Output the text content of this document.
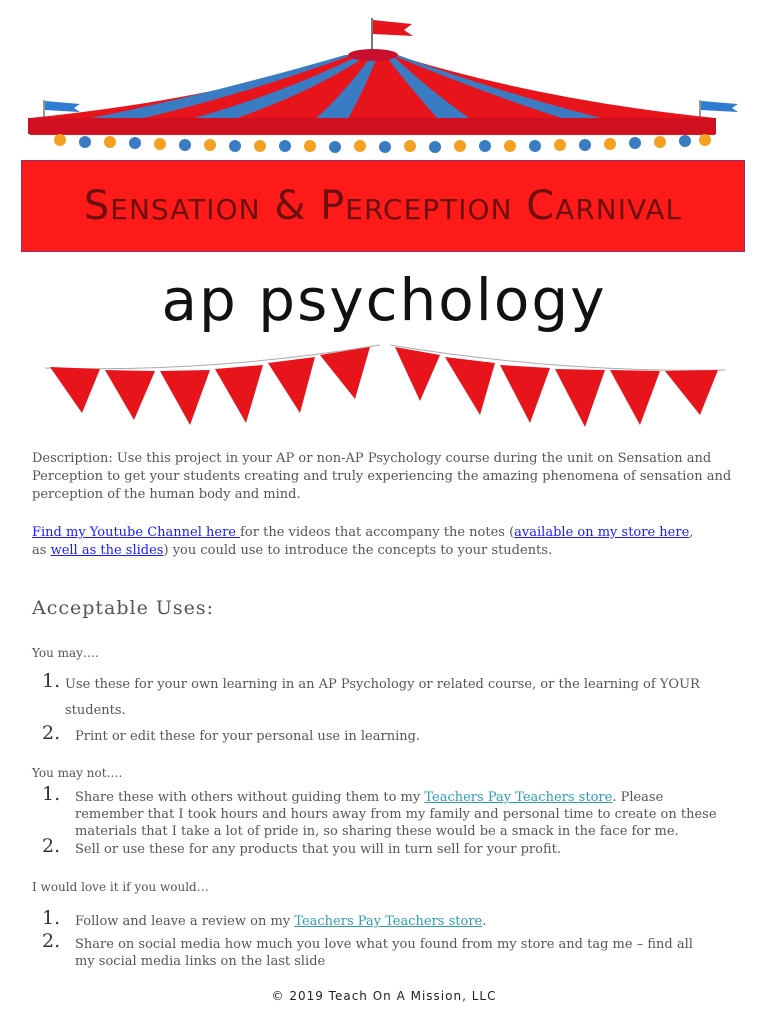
Sensation & Perception Carnival
ap psychology
Description: Use this project in your AP or non-AP Psychology course during the unit on Sensation and Perception to get your students creating and truly experiencing the amazing phenomena of sensation and perception of the human body and mind.
Find my Youtube Channel here for the videos that accompany the notes (available on my store here,
as well as the slides) you could use to introduce the concepts to your students.
Acceptable Uses:
You may….
1. Use these for your own learning in an AP Psychology or related course, or the learning of YOUR
students.
2. Print or edit these for your personal use in learning.
You may not….
1. Share these with others without guiding them to my Teachers Pay Teachers store. Please
remember that I took hours and hours away from my family and personal time to create on these
materials that I take a lot of pride in, so sharing these would be a smack in the face for me.
2. Sell or use these for any products that you will in turn sell for your profit.
I would love it if you would…
1. Follow and leave a review on my Teachers Pay Teachers store.
2. Share on social media how much you love what you found from my store and tag me – find all
my social media links on the last slide
© 2019 Teach On A Mission, LLC
